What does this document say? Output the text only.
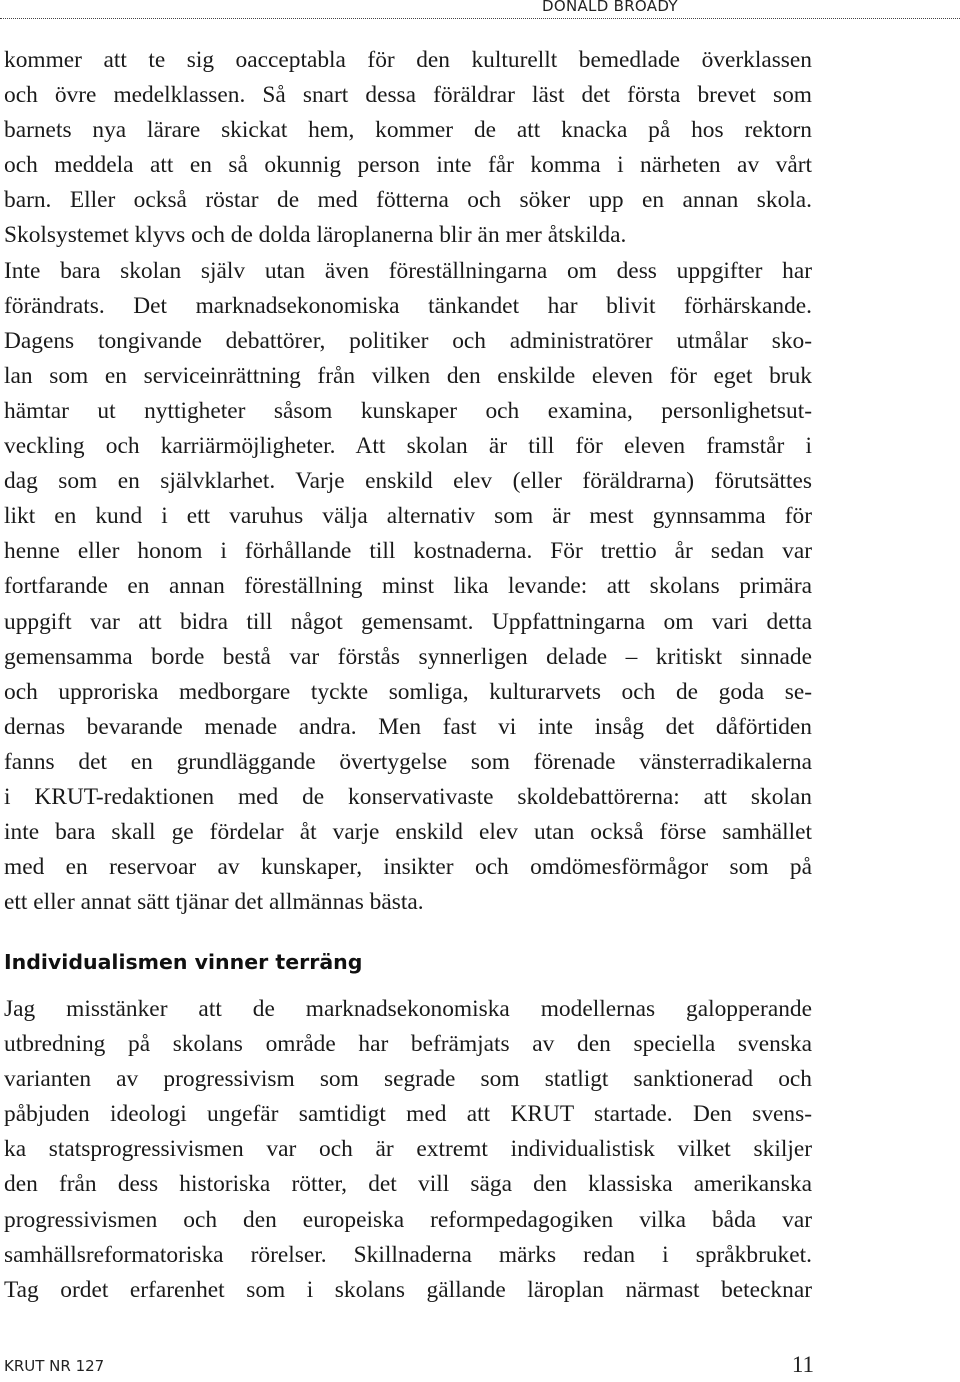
DONALD BROADY
kommer att te sig oacceptabla för den kulturellt bemedlade överklassen
och övre medelklassen. Så snart dessa föräldrar läst det första brevet som
barnets nya lärare skickat hem, kommer de att knacka på hos rektorn
och meddela att en så okunnig person inte får komma i närheten av vårt
barn. Eller också röstar de med fötterna och söker upp en annan skola.
Skolsystemet klyvs och de dolda läroplanerna blir än mer åtskilda.
Inte bara skolan själv utan även föreställningarna om dess uppgifter har
förändrats. Det marknadsekonomiska tänkandet har blivit förhärskande.
Dagens tongivande debattörer, politiker och administratörer utmålar sko-
lan som en serviceinrättning från vilken den enskilde eleven för eget bruk
hämtar ut nyttigheter såsom kunskaper och examina, personlighetsut-
veckling och karriärmöjligheter. Att skolan är till för eleven framstår i
dag som en självklarhet. Varje enskild elev (eller föräldrarna) förutsättes
likt en kund i ett varuhus välja alternativ som är mest gynnsamma för
henne eller honom i förhållande till kostnaderna. För trettio år sedan var
fortfarande en annan föreställning minst lika levande: att skolans primära
uppgift var att bidra till något gemensamt. Uppfattningarna om vari detta
gemensamma borde bestå var förstås synnerligen delade – kritiskt sinnade
och upproriska medborgare tyckte somliga, kulturarvets och de goda se-
dernas bevarande menade andra. Men fast vi inte insåg det dåförtiden
fanns det en grundläggande övertygelse som förenade vänsterradikalerna
i KRUT-redaktionen med de konservativaste skoldebattörerna: att skolan
inte bara skall ge fördelar åt varje enskild elev utan också förse samhället
med en reservoar av kunskaper, insikter och omdömesförmågor som på
ett eller annat sätt tjänar det allmännas bästa.
Individualismen vinner terräng
Jag misstänker att de marknadsekonomiska modellernas galopperande
utbredning på skolans område har befrämjats av den speciella svenska
varianten av progressivism som segrade som statligt sanktionerad och
påbjuden ideologi ungefär samtidigt med att KRUT startade. Den svens-
ka statsprogressivismen var och är extremt individualistisk vilket skiljer
den från dess historiska rötter, det vill säga den klassiska amerikanska
progressivismen och den europeiska reformpedagogiken vilka båda var
samhällsreformatoriska rörelser. Skillnaderna märks redan i språkbruket.
Tag ordet erfarenhet som i skolans gällande läroplan närmast betecknar
KRUT NR 127	11
